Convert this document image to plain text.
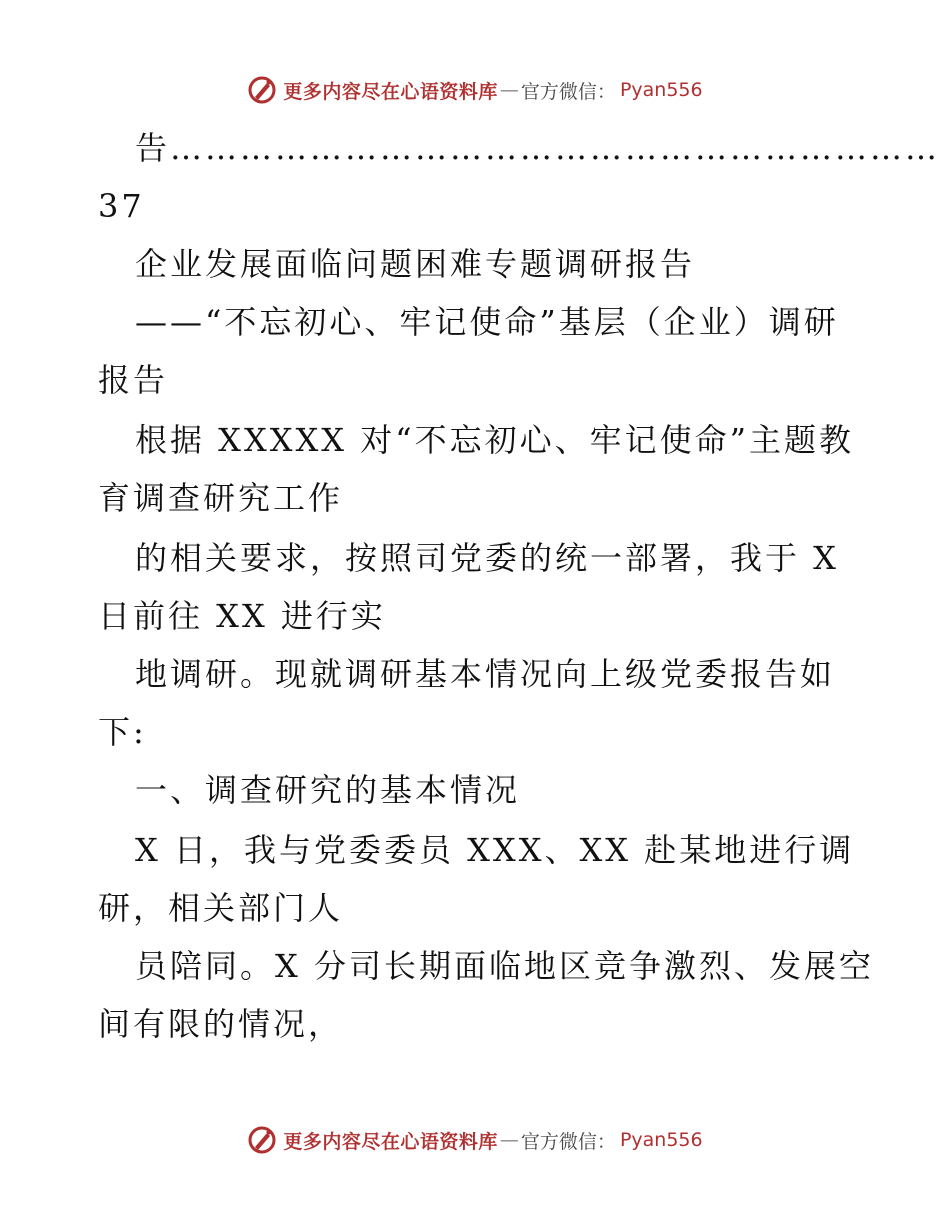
更多内容尽在心语资料库 — 官方微信： Pyan556
告…………………………………………………………
37
企业发展面临问题困难专题调研报告
——“不忘初心、牢记使命”基层（企业）调研
报告
根据 XXXXX 对“不忘初心、牢记使命”主题教
育调查研究工作
的相关要求，按照司党委的统一部署，我于 X
日前往 XX 进行实
地调研。现就调研基本情况向上级党委报告如
下:
一、调查研究的基本情况
X 日，我与党委委员 XXX、XX 赴某地进行调
研，相关部门人
员陪同。X 分司长期面临地区竞争激烈、发展空
间有限的情况，
更多内容尽在心语资料库 — 官方微信： Pyan556
